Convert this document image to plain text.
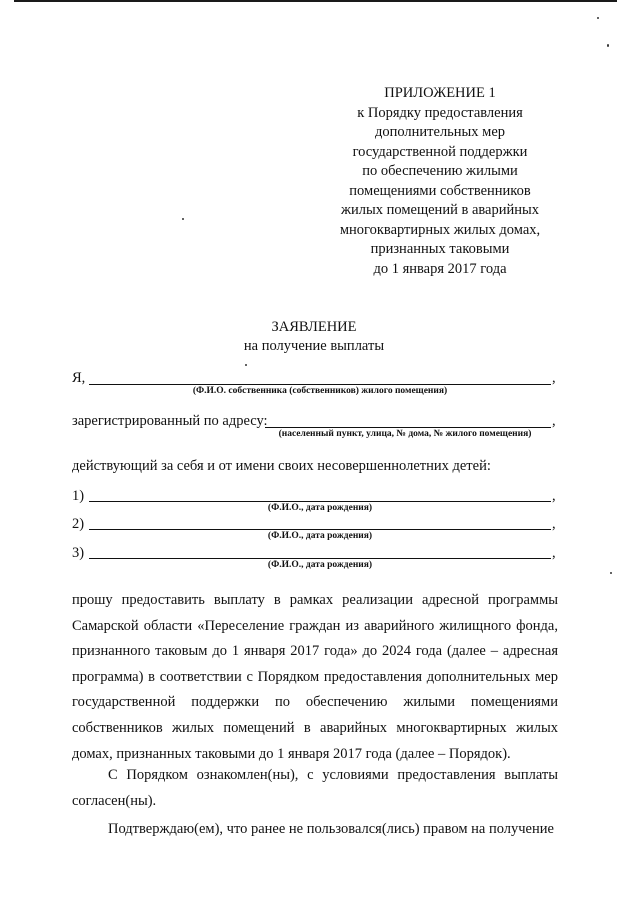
ПРИЛОЖЕНИЕ 1
к Порядку предоставления
дополнительных мер
государственной поддержки
по обеспечению жилыми
помещениями собственников
жилых помещений в аварийных
многоквартирных жилых домах,
признанных таковыми
до 1 января 2017 года
ЗАЯВЛЕНИЕ
на получение выплаты
Я,	,
(Ф.И.О. собственника (собственников) жилого помещения)
зарегистрированный по адресу:	,
(населенный пункт, улица, № дома, № жилого помещения)
действующий за себя и от имени своих несовершеннолетних детей:
1)	,
(Ф.И.О., дата рождения)
2)	,
(Ф.И.О., дата рождения)
3)	,
(Ф.И.О., дата рождения)
прошу предоставить выплату в рамках реализации адресной программы Самарской области «Переселение граждан из аварийного жилищного фонда, признанного таковым до 1 января 2017 года» до 2024 года (далее – адресная программа) в соответствии с Порядком предоставления дополнительных мер государственной поддержки по обеспечению жилыми помещениями собственников жилых помещений в аварийных многоквартирных жилых домах, признанных таковыми до 1 января 2017 года (далее – Порядок).
С Порядком ознакомлен(ны), с условиями предоставления выплаты согласен(ны).
Подтверждаю(ем), что ранее не пользовался(лись) правом на получение
